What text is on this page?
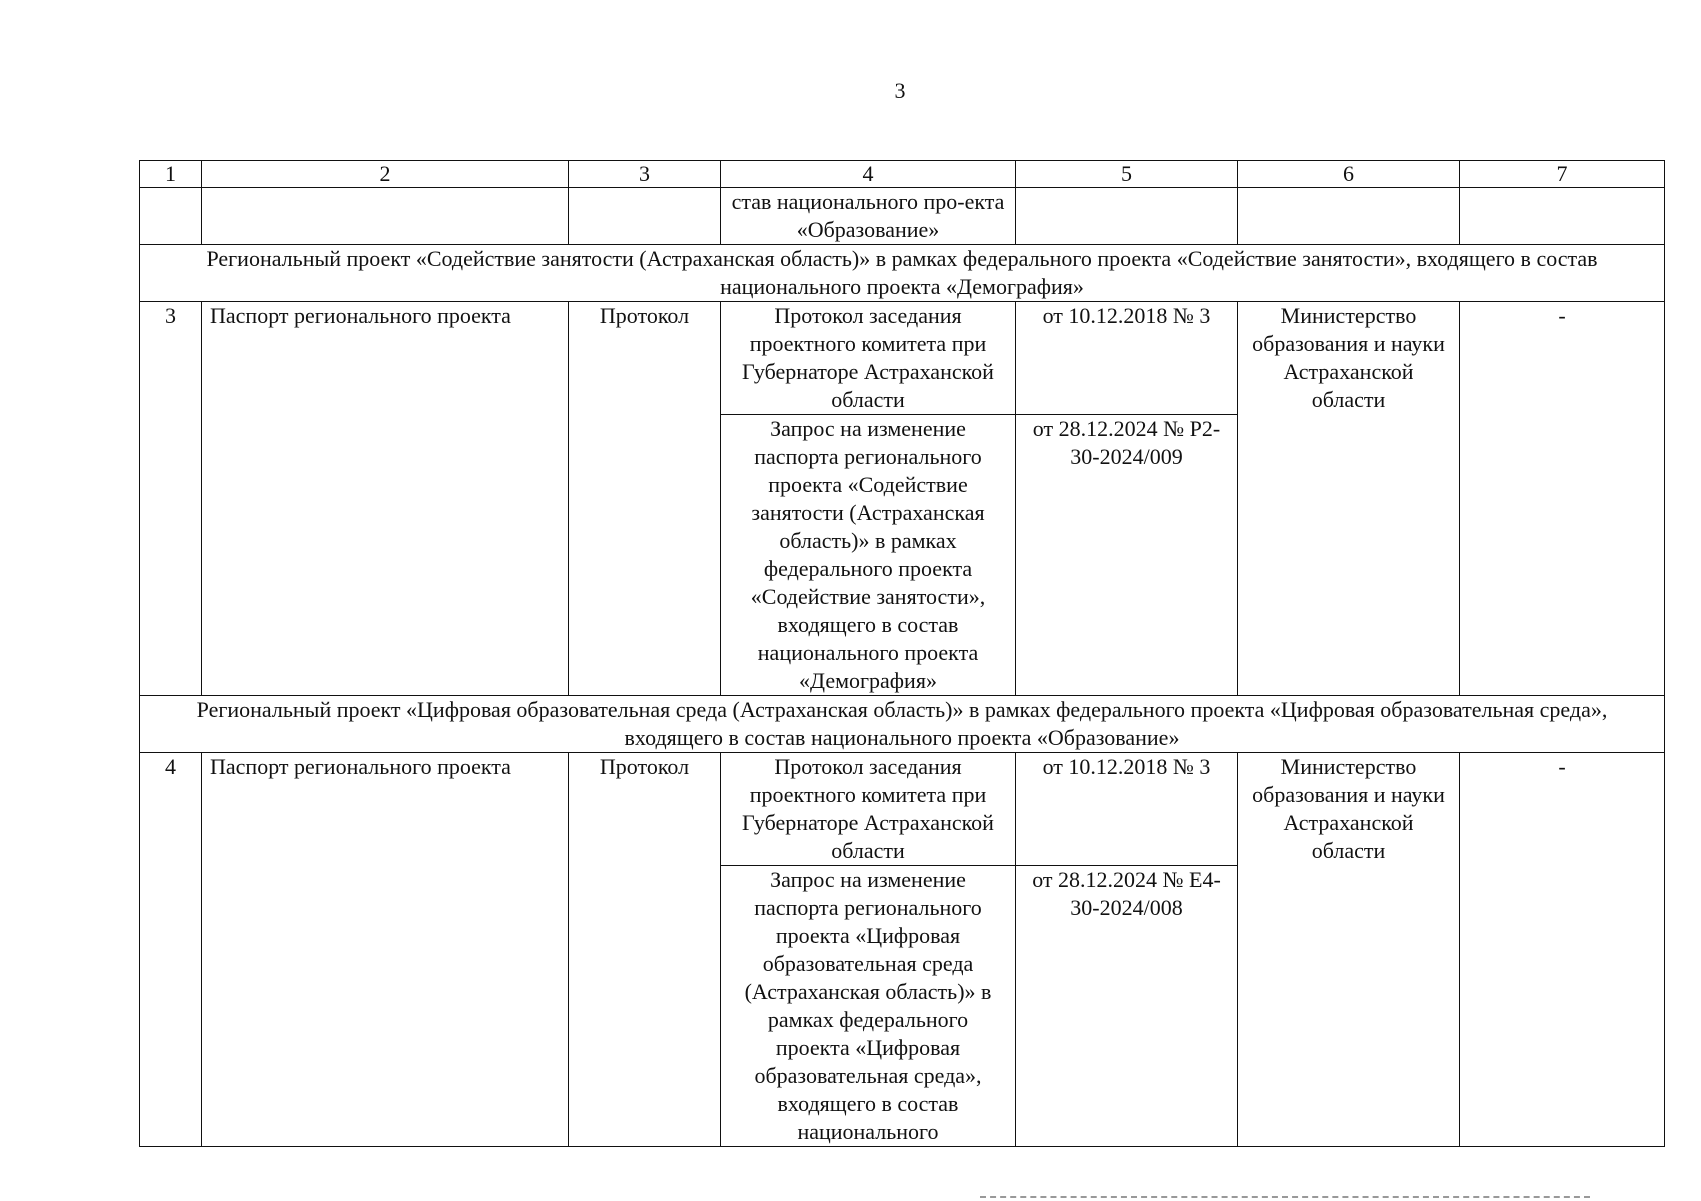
3
1	2	3	4	5	6	7
			став национального про-екта «Образование»			
Региональный проект «Содействие занятости (Астраханская область)» в рамках федерального проекта «Содействие занятости», входящего в состав национального проекта «Демография»						
3	Паспорт регионального проекта	Протокол	Протокол заседания проектного комитета при Губернаторе Астраханской области	от 10.12.2018 № 3	Министерство образования и науки Астраханской области	-
			Запрос на изменение паспорта регионального проекта «Содействие занятости (Астраханская область)» в рамках федерального проекта «Содействие занятости», входящего в состав национального проекта «Демография»	от 28.12.2024 № Р2-30-2024/009		
Региональный проект «Цифровая образовательная среда (Астраханская область)» в рамках федерального проекта «Цифровая образовательная среда», входящего в состав национального проекта «Образование»						
4	Паспорт регионального проекта	Протокол	Протокол заседания проектного комитета при Губернаторе Астраханской области	от 10.12.2018 № 3	Министерство образования и науки Астраханской области	-
			Запрос на изменение паспорта регионального проекта «Цифровая образовательная среда (Астраханская область)» в рамках федерального проекта «Цифровая образовательная среда», входящего в состав национального	от 28.12.2024 № Е4-30-2024/008		
